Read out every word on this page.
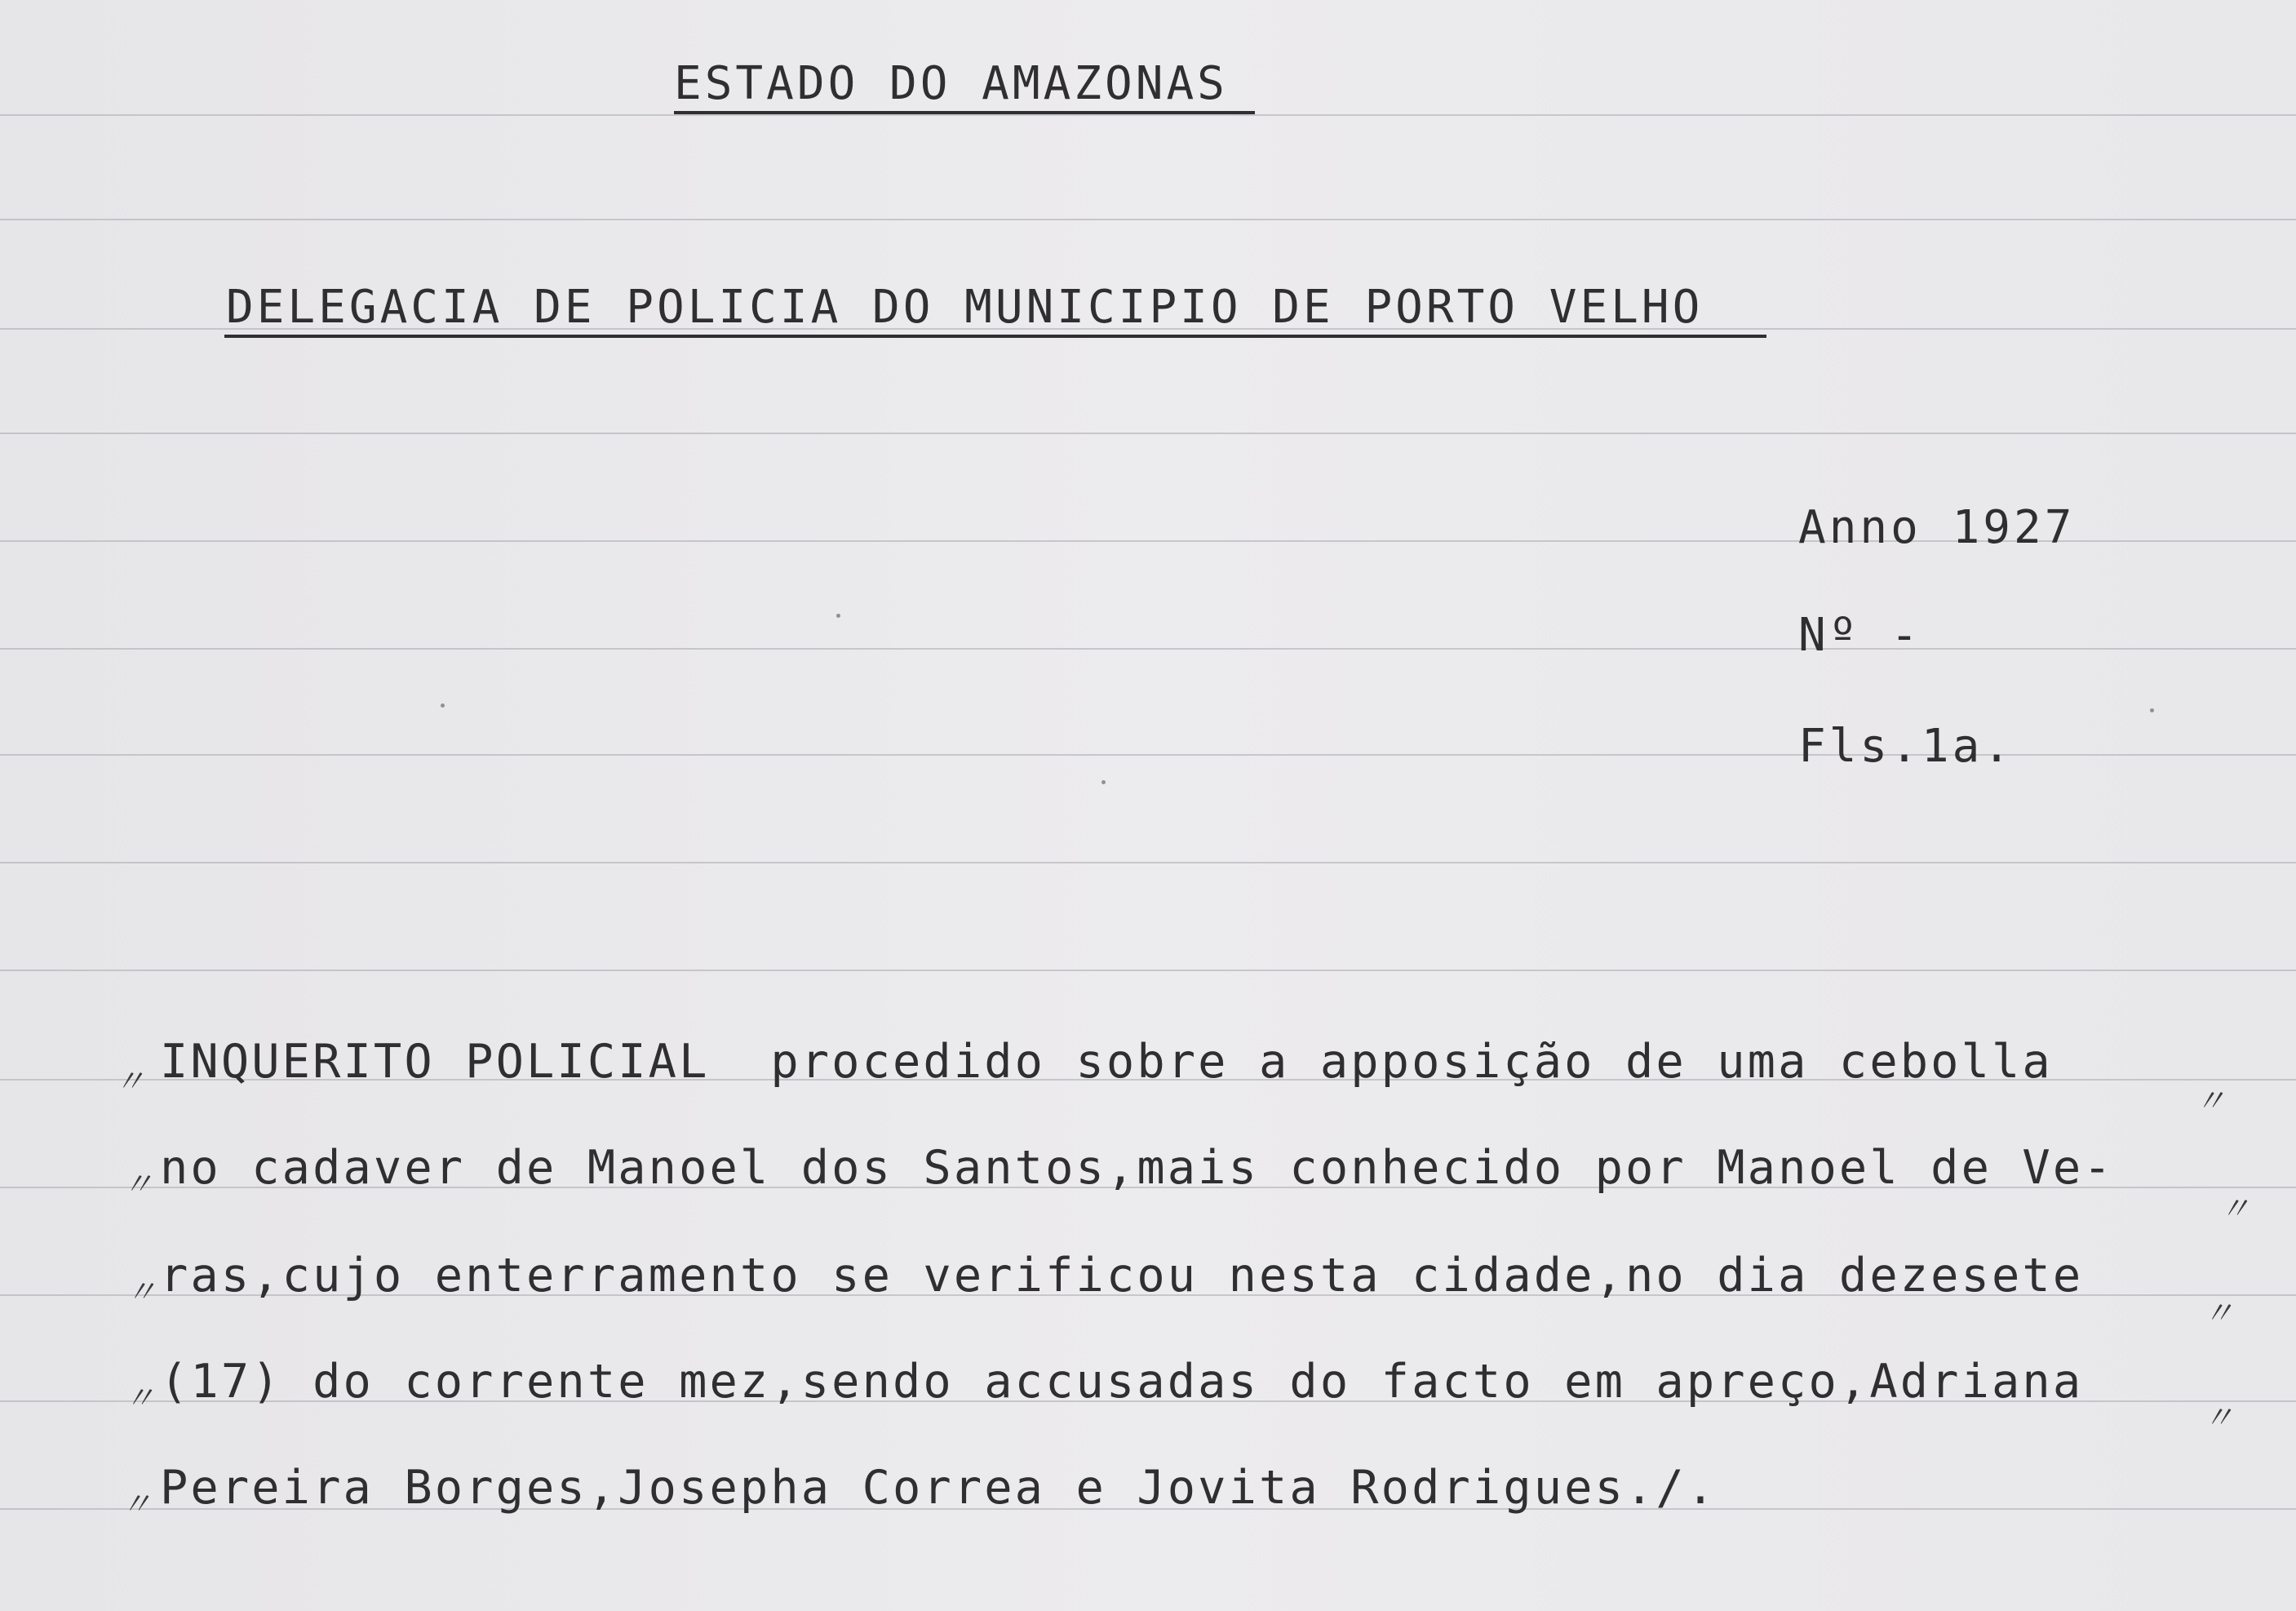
ESTADO DO AMAZONAS
DELEGACIA DE POLICIA DO MUNICIPIO DE PORTO VELHO
Anno 1927
Nº -
Fls.1a.
〃 INQUERITO POLICIAL  procedido sobre a apposição de uma cebolla
〃
〃 no cadaver de Manoel dos Santos,mais conhecido por Manoel de Ve-
〃
〃 ras,cujo enterramento se verificou nesta cidade,no dia dezesete
〃
〃 (17) do corrente mez,sendo accusadas do facto em apreço,Adriana
〃
〃 Pereira Borges,Josepha Correa e Jovita Rodrigues./.
